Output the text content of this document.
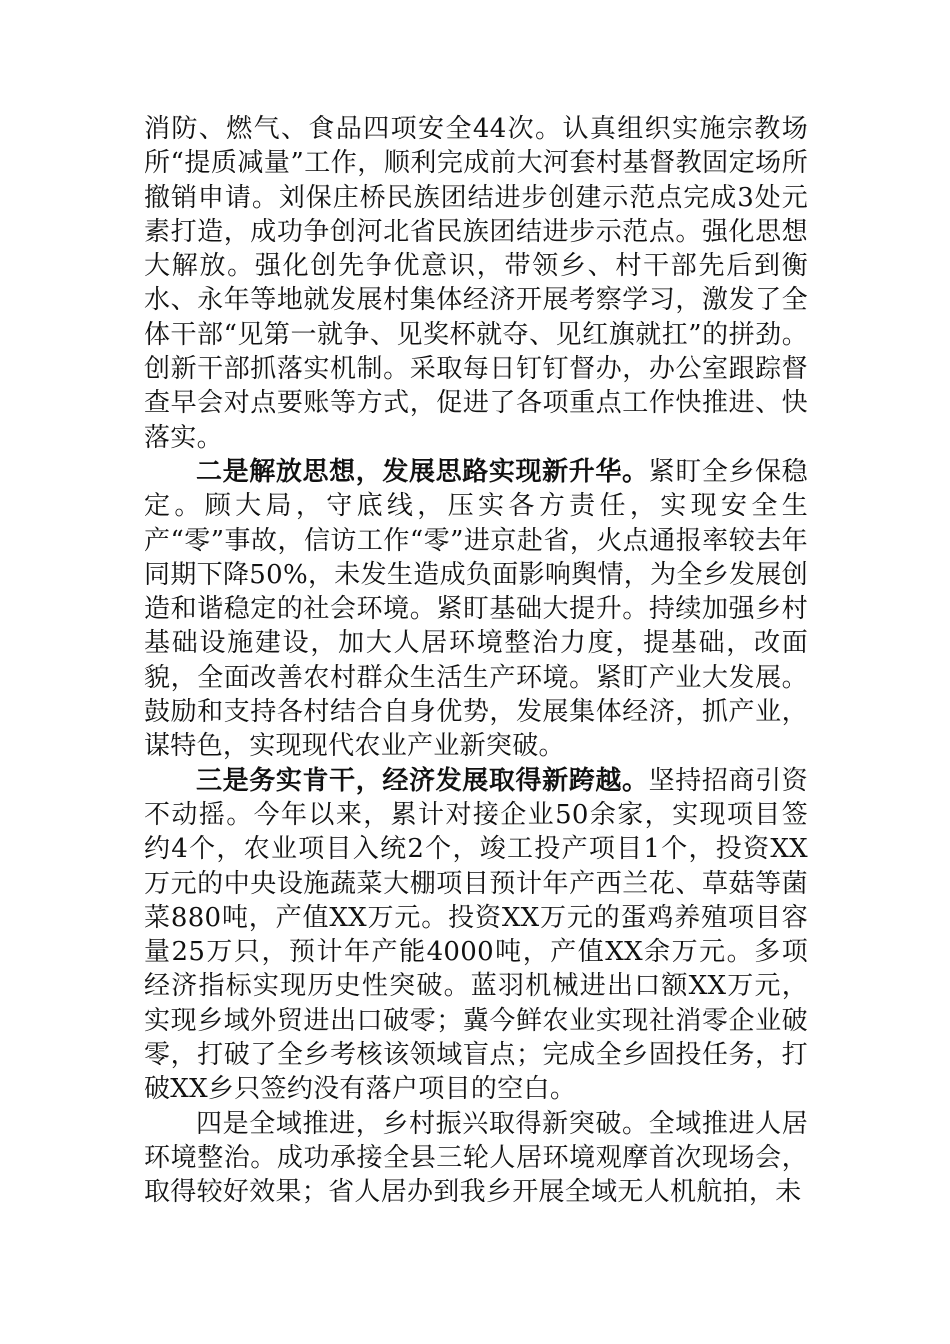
消防、燃气、食品四项安全44次。认真组织实施宗教场所“提质减量”工作，顺利完成前大河套村基督教固定场所撤销申请。刘保庄桥民族团结进步创建示范点完成3处元素打造，成功争创河北省民族团结进步示范点。强化思想大解放。强化创先争优意识，带领乡、村干部先后到衡水、永年等地就发展村集体经济开展考察学习，激发了全体干部“见第一就争、见奖杯就夺、见红旗就扛”的拼劲。创新干部抓落实机制。采取每日钉钉督办，办公室跟踪督查早会对点要账等方式，促进了各项重点工作快推进、快落实。

二是解放思想，发展思路实现新升华。紧盯全乡保稳定。顾大局，守底线，压实各方责任，实现安全生产“零”事故，信访工作“零”进京赴省，火点通报率较去年同期下降50%，未发生造成负面影响舆情，为全乡发展创造和谐稳定的社会环境。紧盯基础大提升。持续加强乡村基础设施建设，加大人居环境整治力度，提基础，改面貌，全面改善农村群众生活生产环境。紧盯产业大发展。鼓励和支持各村结合自身优势，发展集体经济，抓产业，谋特色，实现现代农业产业新突破。

三是务实肯干，经济发展取得新跨越。坚持招商引资不动摇。今年以来，累计对接企业50余家，实现项目签约4个，农业项目入统2个，竣工投产项目1个，投资XX万元的中央设施蔬菜大棚项目预计年产西兰花、草菇等菌菜880吨，产值XX万元。投资XX万元的蛋鸡养殖项目容量25万只，预计年产能4000吨，产值XX余万元。多项经济指标实现历史性突破。蓝羽机械进出口额XX万元，实现乡域外贸进出口破零；冀今鲜农业实现社消零企业破零，打破了全乡考核该领域盲点；完成全乡固投任务，打破XX乡只签约没有落户项目的空白。

四是全域推进，乡村振兴取得新突破。全域推进人居环境整治。成功承接全县三轮人居环境观摩首次现场会，取得较好效果；省人居办到我乡开展全域无人机航拍，未
